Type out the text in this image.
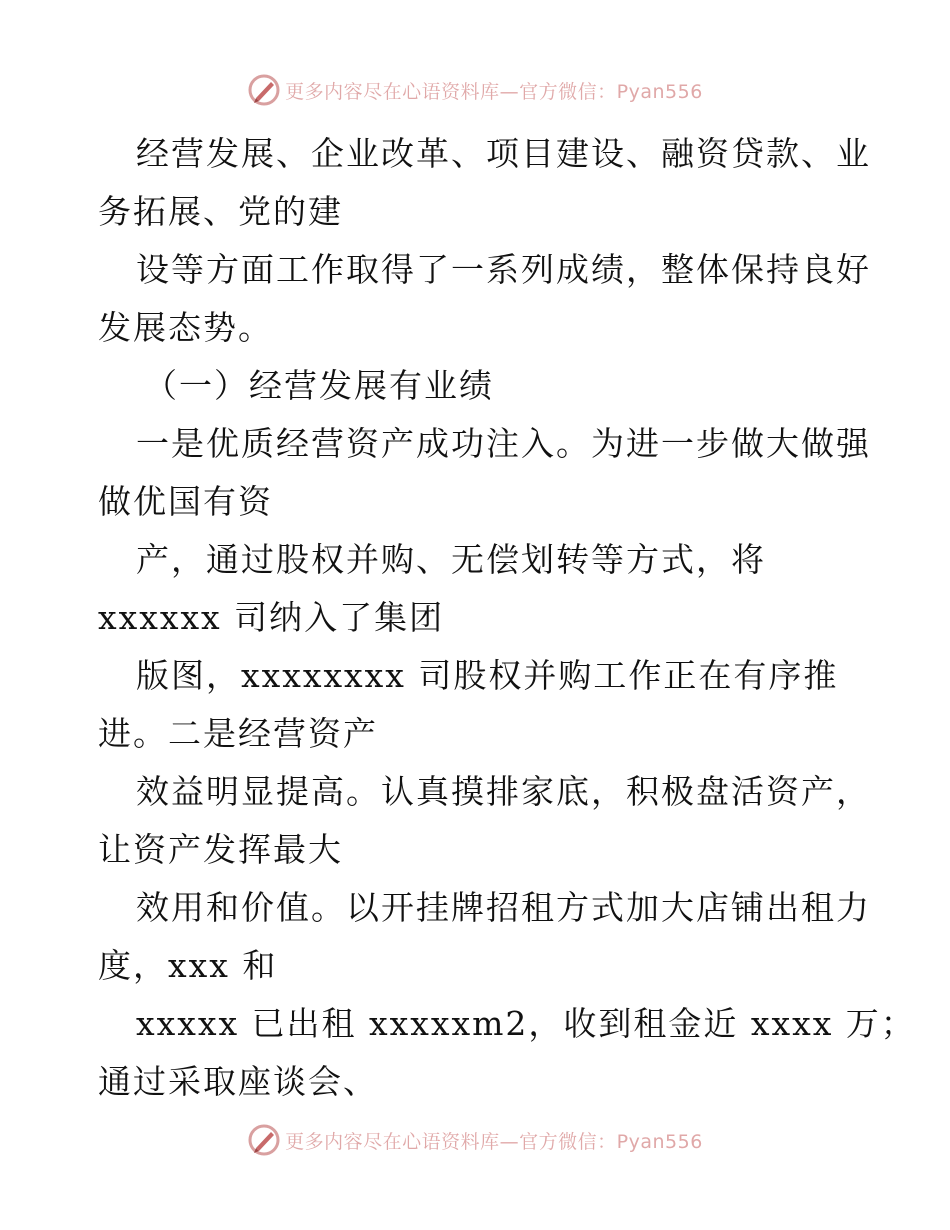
更多内容尽在心语资料库—官方微信：Pyan556
经营发展、企业改革、项目建设、融资贷款、业
务拓展、党的建
设等方面工作取得了一系列成绩，整体保持良好
发展态势。
（一）经营发展有业绩
一是优质经营资产成功注入。为进一步做大做强
做优国有资
产，通过股权并购、无偿划转等方式，将
xxxxxx 司纳入了集团
版图，xxxxxxxx 司股权并购工作正在有序推
进。二是经营资产
效益明显提高。认真摸排家底，积极盘活资产，
让资产发挥最大
效用和价值。以开挂牌招租方式加大店铺出租力
度，xxx 和
xxxxx 已出租 xxxxxm2，收到租金近 xxxx 万；
通过采取座谈会、
更多内容尽在心语资料库—官方微信：Pyan556
